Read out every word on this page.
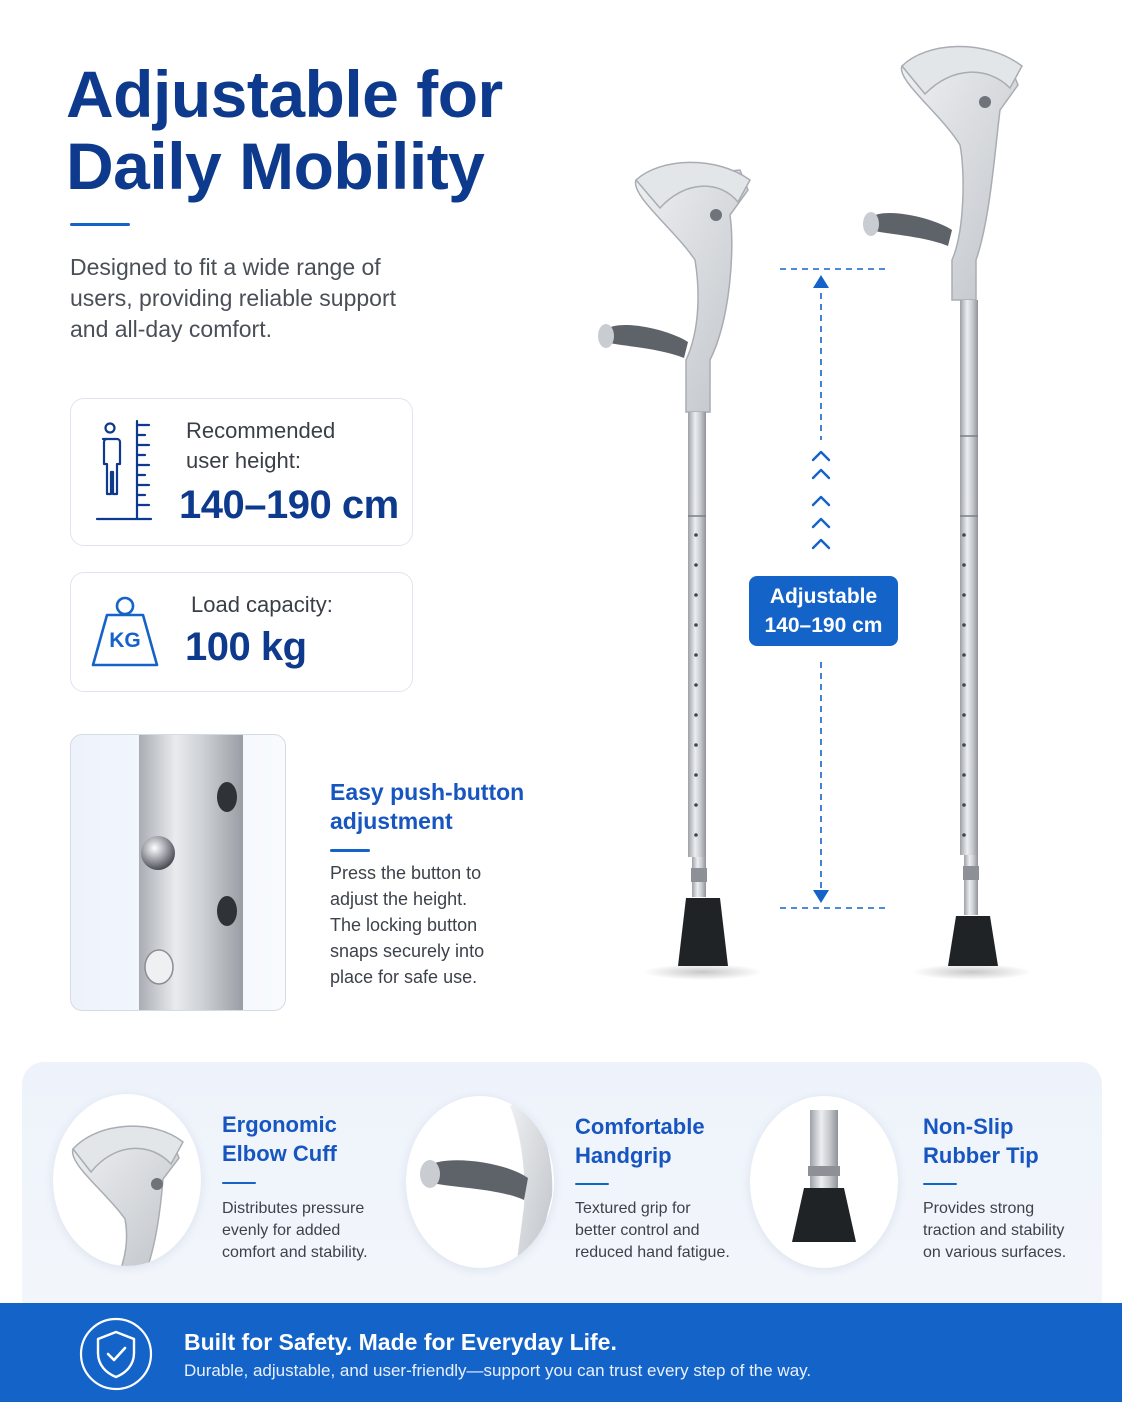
Adjustable for
Daily Mobility

Designed to fit a wide range of users, providing reliable support and all-day comfort.

Recommended
user height:
140–190 cm
KG
Load capacity:
100 kg
Easy push-button
adjustment
Press the button to
adjust the height.
The locking button
snaps securely into
place for safe use.
Adjustable
140–190 cm
Ergonomic
Elbow Cuff
Distributes pressure
evenly for added
comfort and stability.
Comfortable
Handgrip
Textured grip for
better control and
reduced hand fatigue.
Non-Slip
Rubber Tip
Provides strong
traction and stability
on various surfaces.
Built for Safety. Made for Everyday Life.
Durable, adjustable, and user-friendly—support you can trust every step of the way.
